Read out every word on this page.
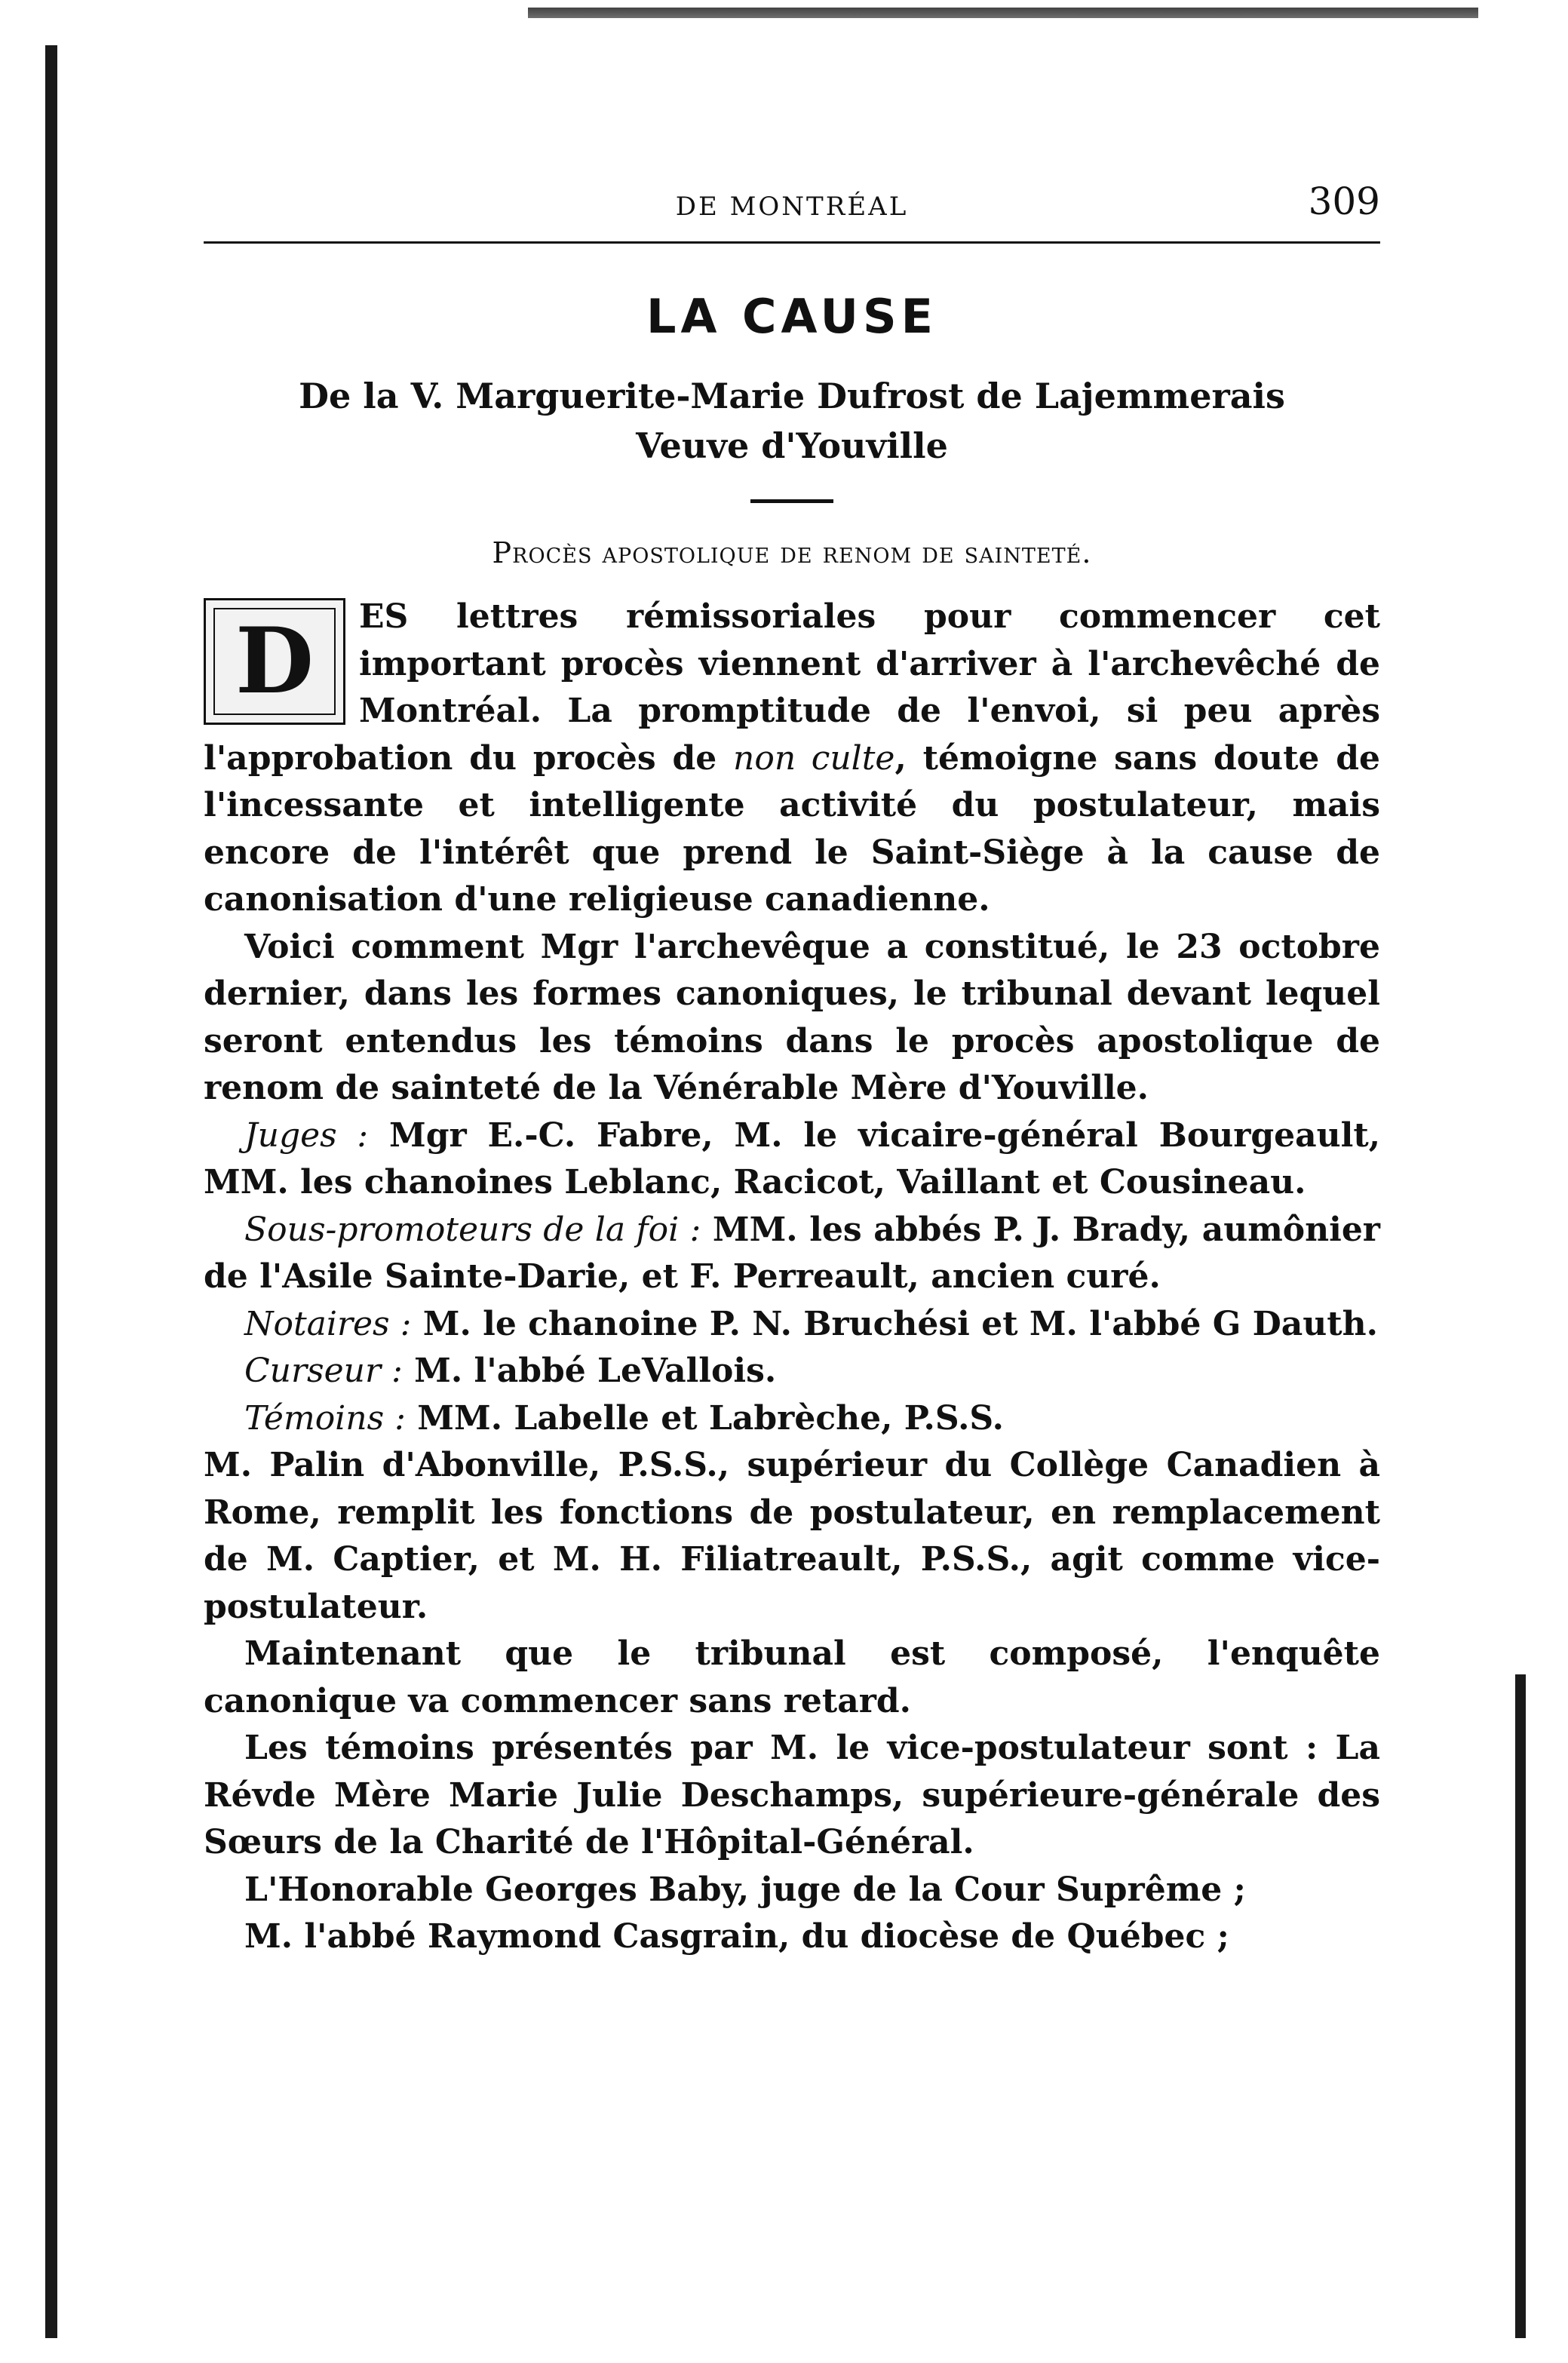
DE MONTRÉAL	309
LA CAUSE
De la V. Marguerite-Marie Dufrost de Lajemmerais
Veuve d'Youville
Procès apostolique de renom de sainteté.

D	ES lettres rémissoriales pour commencer cet important procès viennent d'arriver à l'archevêché de Montréal. La promptitude de l'envoi, si peu après l'approbation du procès de non culte, témoigne sans doute de l'incessante et intelligente activité du postulateur, mais encore de l'intérêt que prend le Saint-Siège à la cause de canonisation d'une religieuse canadienne.

Voici comment Mgr l'archevêque a constitué, le 23 octobre dernier, dans les formes canoniques, le tribunal devant lequel seront entendus les témoins dans le procès apostolique de renom de sainteté de la Vénérable Mère d'Youville.

Juges : Mgr E.-C. Fabre, M. le vicaire-général Bourgeault, MM. les chanoines Leblanc, Racicot, Vaillant et Cousineau.

Sous-promoteurs de la foi : MM. les abbés P. J. Brady, aumônier de l'Asile Sainte-Darie, et F. Perreault, ancien curé.

Notaires : M. le chanoine P. N. Bruchési et M. l'abbé G Dauth.

Curseur : M. l'abbé LeVallois.

Témoins : MM. Labelle et Labrèche, P.S.S.

M. Palin d'Abonville, P.S.S., supérieur du Collège Canadien à Rome, remplit les fonctions de postulateur, en remplacement de M. Captier, et M. H. Filiatreault, P.S.S., agit comme vice-postulateur.

Maintenant que le tribunal est composé, l'enquête canonique va commencer sans retard.

Les témoins présentés par M. le vice-postulateur sont : La Révde Mère Marie Julie Deschamps, supérieure-générale des Sœurs de la Charité de l'Hôpital-Général.

L'Honorable Georges Baby, juge de la Cour Suprême ;

M. l'abbé Raymond Casgrain, du diocèse de Québec ;
